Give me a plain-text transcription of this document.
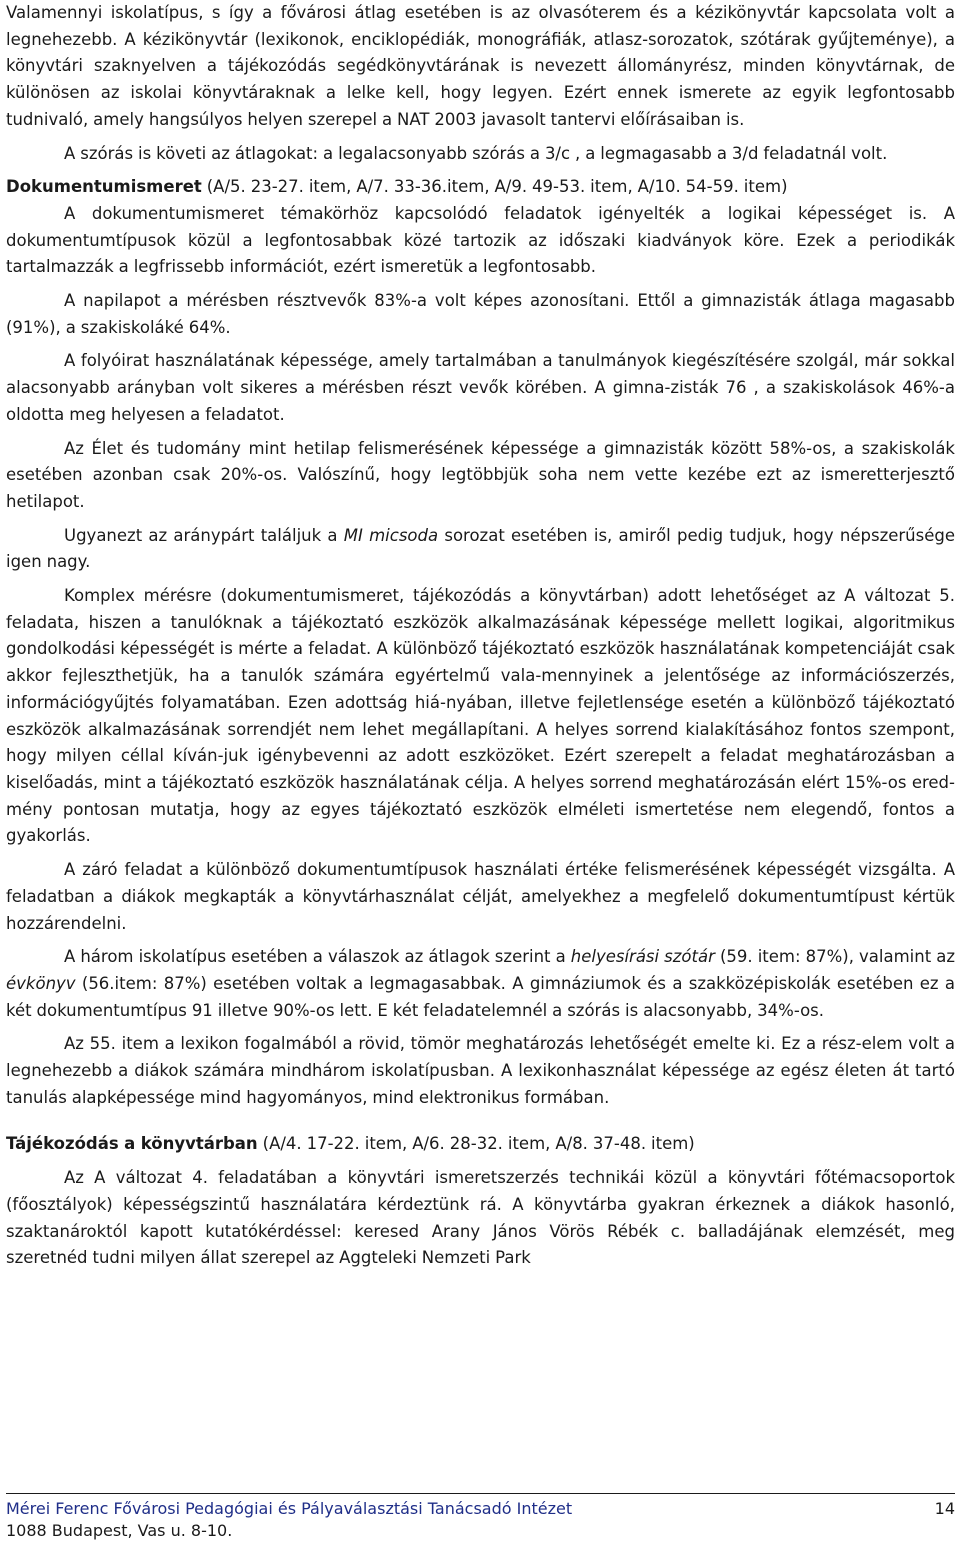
Valamennyi iskolatípus, s így a fővárosi átlag esetében is az olvasóterem és a kézikönyvtár kapcsolata volt a legnehezebb. A kézikönyvtár (lexikonok, enciklopédiák, monográfiák, atlasz-sorozatok, szótárak gyűjteménye), a könyvtári szaknyelven a tájékozódás segédkönyvtárának is nevezett állományrész, minden könyvtárnak, de különösen az iskolai könyvtáraknak a lelke kell, hogy legyen. Ezért ennek ismerete az egyik legfontosabb tudnivaló, amely hangsúlyos helyen szerepel a NAT 2003 javasolt tantervi előírásaiban is.

A szórás is követi az átlagokat: a legalacsonyabb szórás a 3/c , a legmagasabb a 3/d feladatnál volt.

Dokumentumismeret (A/5. 23-27. item, A/7. 33-36.item, A/9. 49-53. item, A/10. 54-59. item)

A dokumentumismeret témakörhöz kapcsolódó feladatok igényelték a logikai képességet is. A dokumentumtípusok közül a legfontosabbak közé tartozik az időszaki kiadványok köre. Ezek a periodikák tartalmazzák a legfrissebb információt, ezért ismeretük a legfontosabb.

A napilapot a mérésben résztvevők 83%-a volt képes azonosítani. Ettől a gimnazisták átlaga magasabb (91%), a szakiskoláké 64%.

A folyóirat használatának képessége, amely tartalmában a tanulmányok kiegészítésére szolgál, már sokkal alacsonyabb arányban volt sikeres a mérésben részt vevők körében. A gimna-zisták 76 , a szakiskolások 46%-a oldotta meg helyesen a feladatot.

Az Élet és tudomány mint hetilap felismerésének képessége a gimnazisták között 58%-os, a szakiskolák esetében azonban csak 20%-os. Valószínű, hogy legtöbbjük soha nem vette kezébe ezt az ismeretterjesztő hetilapot.

Ugyanezt az aránypárt találjuk a MI micsoda sorozat esetében is, amiről pedig tudjuk, hogy népszerűsége igen nagy.

Komplex mérésre (dokumentumismeret, tájékozódás a könyvtárban) adott lehetőséget az A változat 5. feladata, hiszen a tanulóknak a tájékoztató eszközök alkalmazásának képessége mellett logikai, algoritmikus gondolkodási képességét is mérte a feladat. A különböző tájékoztató eszközök használatának kompetenciáját csak akkor fejleszthetjük, ha a tanulók számára egyértelmű vala-mennyinek a jelentősége az információszerzés, információgyűjtés folyamatában. Ezen adottság hiá-nyában, illetve fejletlensége esetén a különböző tájékoztató eszközök alkalmazásának sorrendjét nem lehet megállapítani. A helyes sorrend kialakításához fontos szempont, hogy milyen céllal kíván-juk igénybevenni az adott eszközöket. Ezért szerepelt a feladat meghatározásban a kiselőadás, mint a tájékoztató eszközök használatának célja. A helyes sorrend meghatározásán elért 15%-os ered-mény pontosan mutatja, hogy az egyes tájékoztató eszközök elméleti ismertetése nem elegendő, fontos a gyakorlás.

A záró feladat a különböző dokumentumtípusok használati értéke felismerésének képességét vizsgálta. A feladatban a diákok megkapták a könyvtárhasználat célját, amelyekhez a megfelelő dokumentumtípust kértük hozzárendelni.

A három iskolatípus esetében a válaszok az átlagok szerint a helyesírási szótár (59. item: 87%), valamint az évkönyv (56.item: 87%) esetében voltak a legmagasabbak. A gimnáziumok és a szakközépiskolák esetében ez a két dokumentumtípus 91 illetve 90%-os lett. E két feladatelemnél a szórás is alacsonyabb, 34%-os.

Az 55. item a lexikon fogalmából a rövid, tömör meghatározás lehetőségét emelte ki. Ez a rész-elem volt a legnehezebb a diákok számára mindhárom iskolatípusban. A lexikonhasználat képessége az egész életen át tartó tanulás alapképessége mind hagyományos, mind elektronikus formában.

Tájékozódás a könyvtárban (A/4. 17-22. item, A/6. 28-32. item, A/8. 37-48. item)

Az A változat 4. feladatában a könyvtári ismeretszerzés technikái közül a könyvtári főtémacsoportok (főosztályok) képességszintű használatára kérdeztünk rá. A könyvtárba gyakran érkeznek a diákok hasonló, szaktanároktól kapott kutatókérdéssel: keresed Arany János Vörös Rébék c. balladájának elemzését, meg szeretnéd tudni milyen állat szerepel az Aggteleki Nemzeti Park

Mérei Ferenc Fővárosi Pedagógiai és Pályaválasztási Tanácsadó Intézet	14
1088 Budapest, Vas u. 8-10.
